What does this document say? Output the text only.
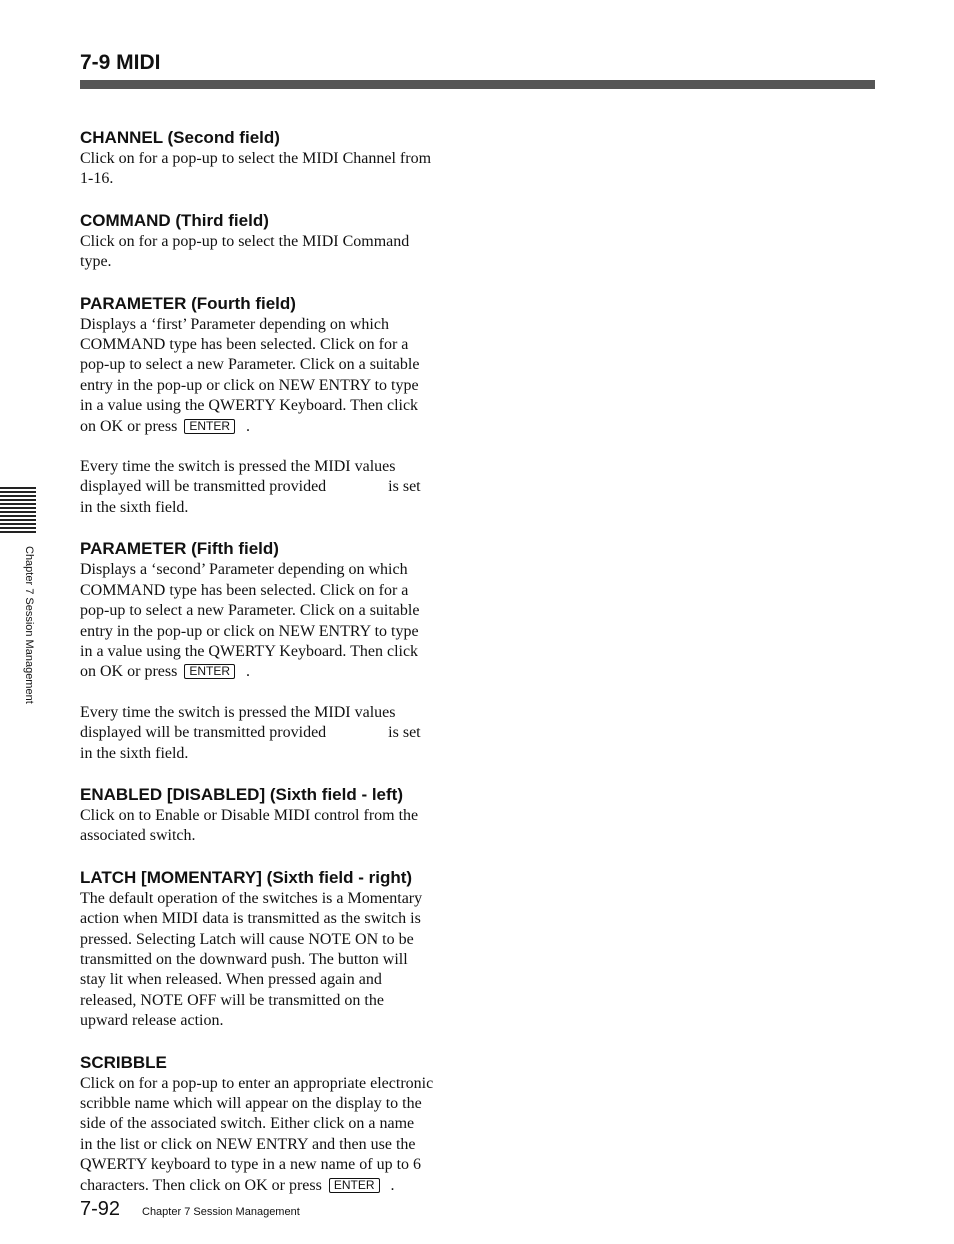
7-9 MIDI
CHANNEL (Second field)

Click on for a pop-up to select the MIDI Channel from
1-16.

COMMAND (Third field)

Click on for a pop-up to select the MIDI Command
type.

PARAMETER (Fourth field)

Displays a ‘first’ Parameter depending on which
COMMAND type has been selected. Click on for a
pop-up to select a new Parameter. Click on a suitable
entry in the pop-up or click on NEW ENTRY to type
in a value using the QWERTY Keyboard. Then click
on OK or press ENTER .

Every time the switch is pressed the MIDI values
displayed will be transmitted provided	is set
in the sixth field.

PARAMETER (Fifth field)

Displays a ‘second’ Parameter depending on which
COMMAND type has been selected. Click on for a
pop-up to select a new Parameter. Click on a suitable
entry in the pop-up or click on NEW ENTRY to type
in a value using the QWERTY Keyboard. Then click
on OK or press ENTER .

Every time the switch is pressed the MIDI values
displayed will be transmitted provided	is set
in the sixth field.

ENABLED [DISABLED] (Sixth field - left)

Click on to Enable or Disable MIDI control from the
associated switch.

LATCH [MOMENTARY] (Sixth field - right)

The default operation of the switches is a Momentary
action when MIDI data is transmitted as the switch is
pressed. Selecting Latch will cause NOTE ON to be
transmitted on the downward push. The button will
stay lit when released. When pressed again and
released, NOTE OFF will be transmitted on the
upward release action.

SCRIBBLE

Click on for a pop-up to enter an appropriate electronic
scribble name which will appear on the display to the
side of the associated switch. Either click on a name
in the list or click on NEW ENTRY and then use the
QWERTY keyboard to type in a new name of up to 6
characters. Then click on OK or press ENTER .

Chapter 7 Session Management
7-92 Chapter 7 Session Management
